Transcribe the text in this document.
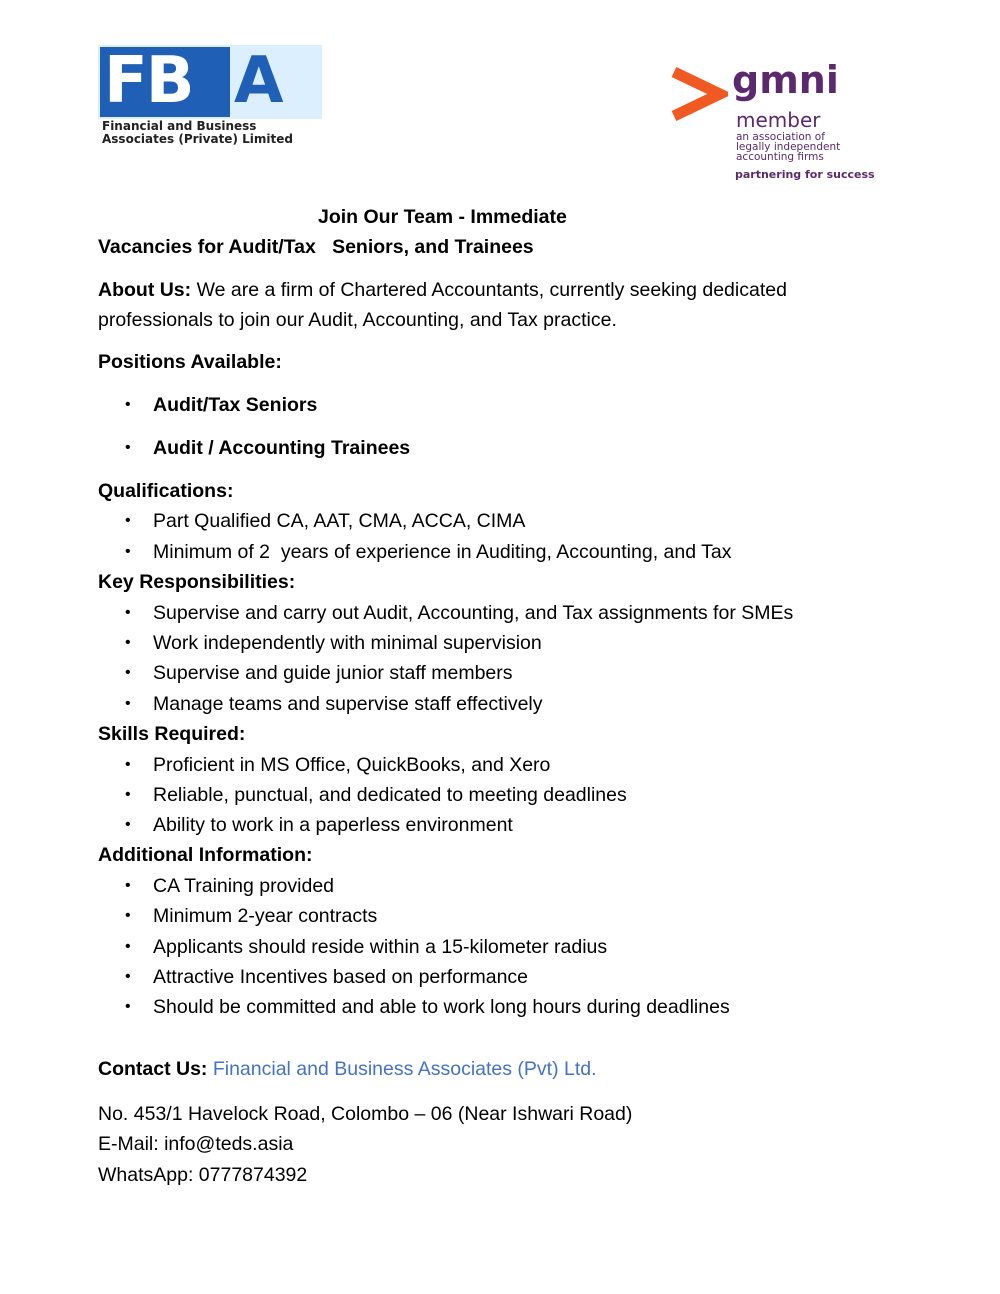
FB A
Financial and Business
Associates (Private) Limited
gmni
member
an association of
legally independent
accounting firms
partnering for success
Join Our Team - Immediate
Vacancies for Audit/Tax   Seniors, and Trainees
About Us: We are a firm of Chartered Accountants, currently seeking dedicated
professionals to join our Audit, Accounting, and Tax practice.
Positions Available:
• Audit/Tax Seniors
• Audit / Accounting Trainees
Qualifications:
• Part Qualified CA, AAT, CMA, ACCA, CIMA
• Minimum of 2  years of experience in Auditing, Accounting, and Tax
Key Responsibilities:
• Supervise and carry out Audit, Accounting, and Tax assignments for SMEs
• Work independently with minimal supervision
• Supervise and guide junior staff members
• Manage teams and supervise staff effectively
Skills Required:
• Proficient in MS Office, QuickBooks, and Xero
• Reliable, punctual, and dedicated to meeting deadlines
• Ability to work in a paperless environment
Additional Information:
• CA Training provided
• Minimum 2-year contracts
• Applicants should reside within a 15-kilometer radius
• Attractive Incentives based on performance
• Should be committed and able to work long hours during deadlines
Contact Us: Financial and Business Associates (Pvt) Ltd.
No. 453/1 Havelock Road, Colombo – 06 (Near Ishwari Road)
E-Mail: info@teds.asia
WhatsApp: 0777874392
